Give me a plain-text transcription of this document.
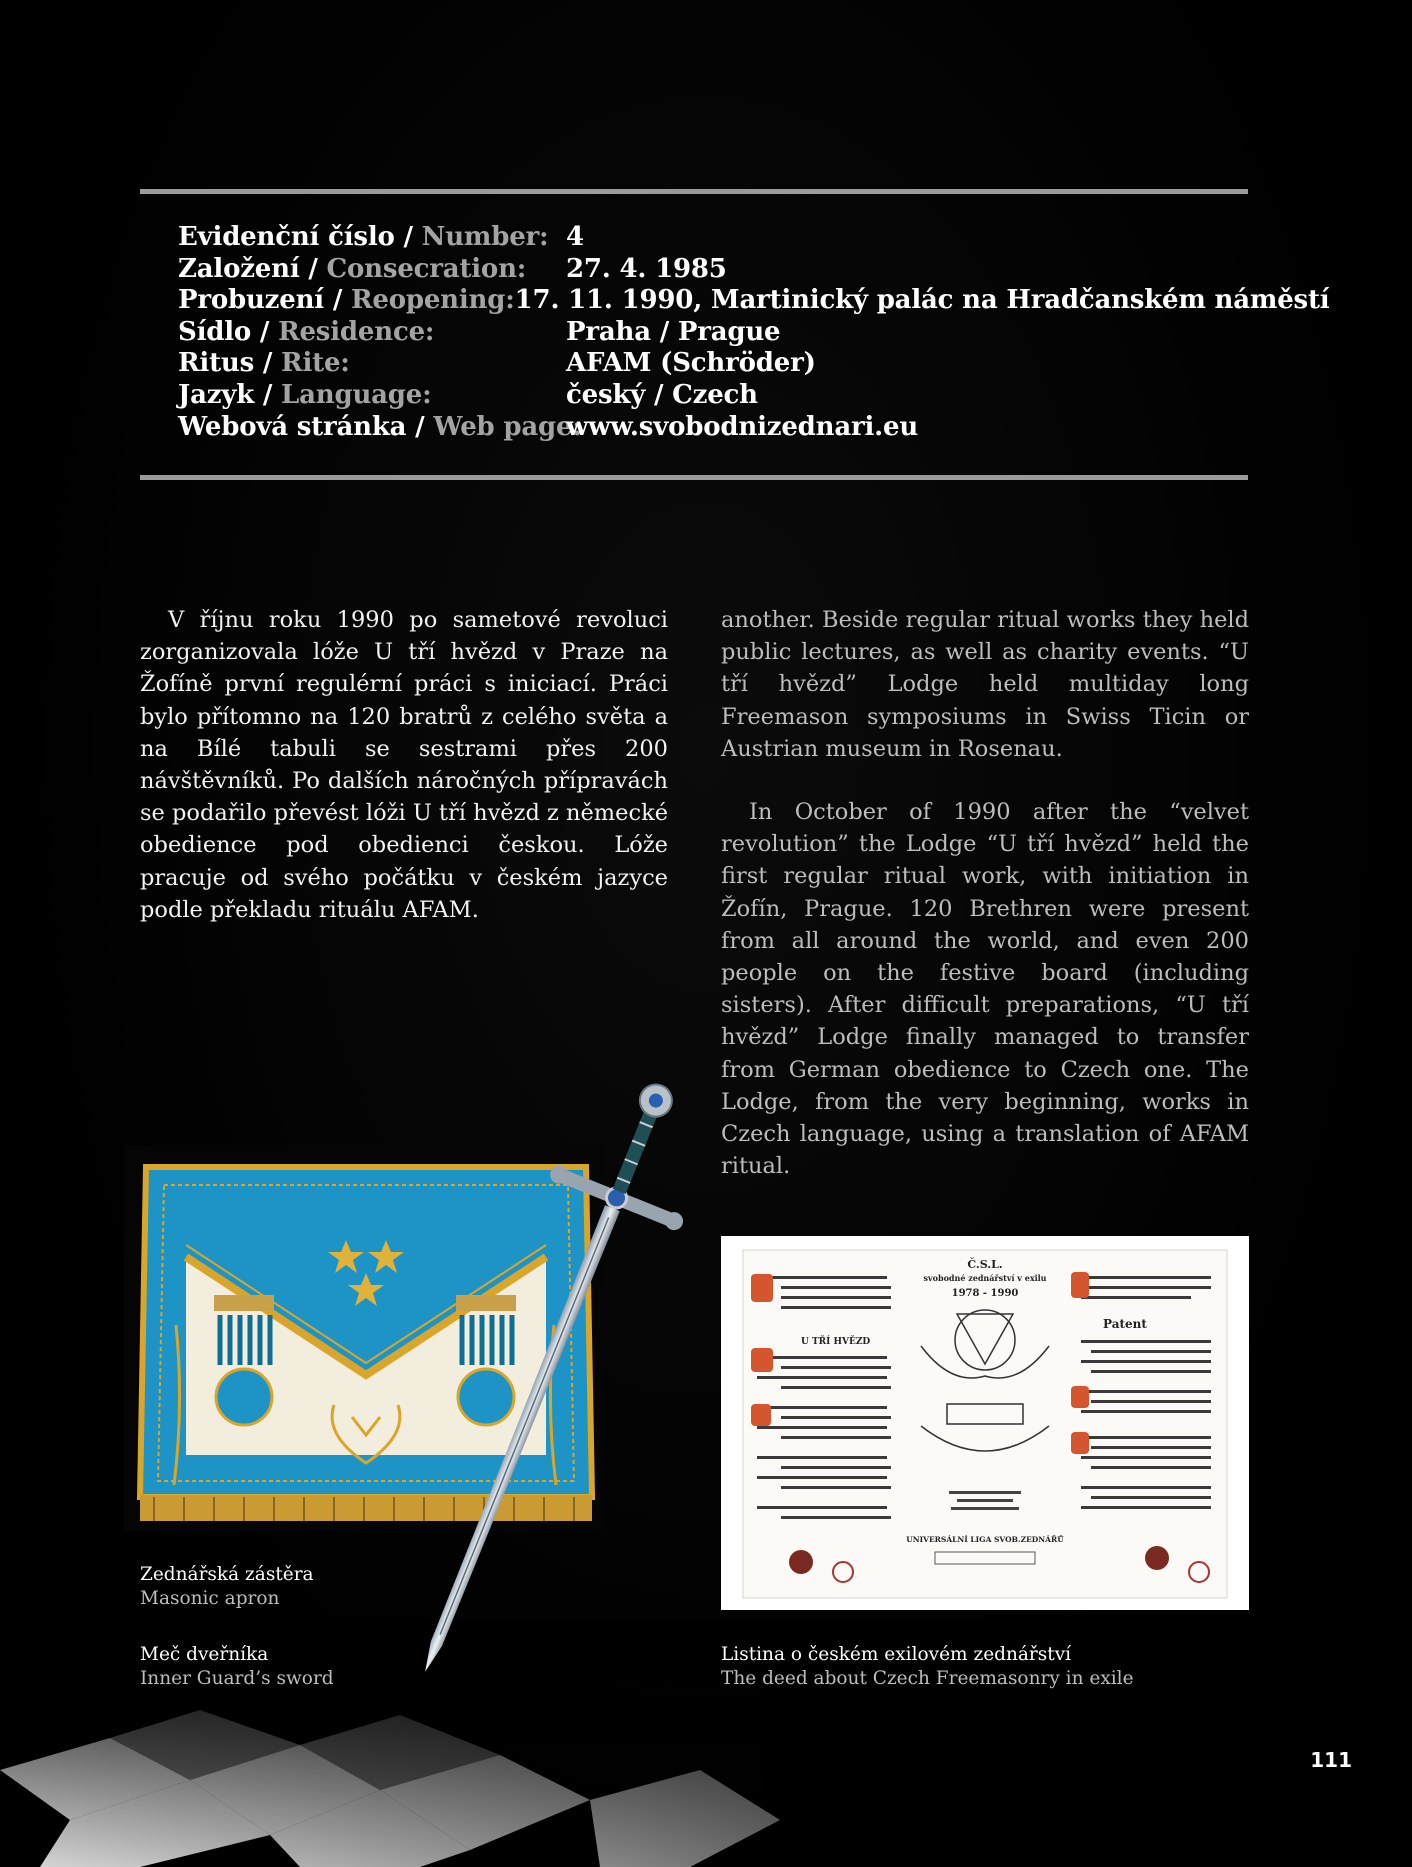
Evidenční číslo / Number: 4
Založení / Consecration:	27. 4. 1985
Probuzení / Reopening: 17. 11. 1990, Martinický palác na Hradčanském náměstí
Sídlo / Residence:	Praha / Prague
Ritus / Rite:	AFAM (Schröder)
Jazyk / Language:	český / Czech
Webová stránka / Web page:
www.svobodnizednari.eu

V říjnu roku 1990 po sametové revoluci zorganizovala lóže U tří hvězd v Praze na Žofíně první regulérní práci s iniciací. Práci bylo přítomno na 120 bratrů z celého světa a na Bílé tabuli se sestrami přes 200 návštěvníků. Po dalších náročných přípravách se podařilo převést lóži U tří hvězd z německé obedience pod obedienci českou. Lóže pracuje od svého počátku v českém jazyce podle překladu rituálu AFAM.

another. Beside regular ritual works they held public lectures, as well as charity events. “U tří hvězd” Lodge held multiday long Freemason symposiums in Swiss Ticin or Austrian museum in Rosenau.

In October of 1990 after the “velvet revolution” the Lodge “U tří hvězd” held the first regular ritual work, with initiation in Žofín, Prague. 120 Brethren were present from all around the world, and even 200 people on the festive board (including sisters). After difficult preparations, “U tří hvězd” Lodge finally managed to transfer from German obedience to Czech one. The Lodge, from the very beginning, works in Czech language, using a translation of AFAM ritual.

Č.S.L.
svobodné zednářství v exilu
1978 - 1990
UNIVERSÁLNÍ LIGA SVOB.ZEDNÁŘŮ
U TŘÍ HVĚZD
Patent
Zednářská zástěra
Masonic apron
Meč dveřníka
Inner Guard’s sword
Listina o českém exilovém zednářství
The deed about Czech Freemasonry in exile
111
